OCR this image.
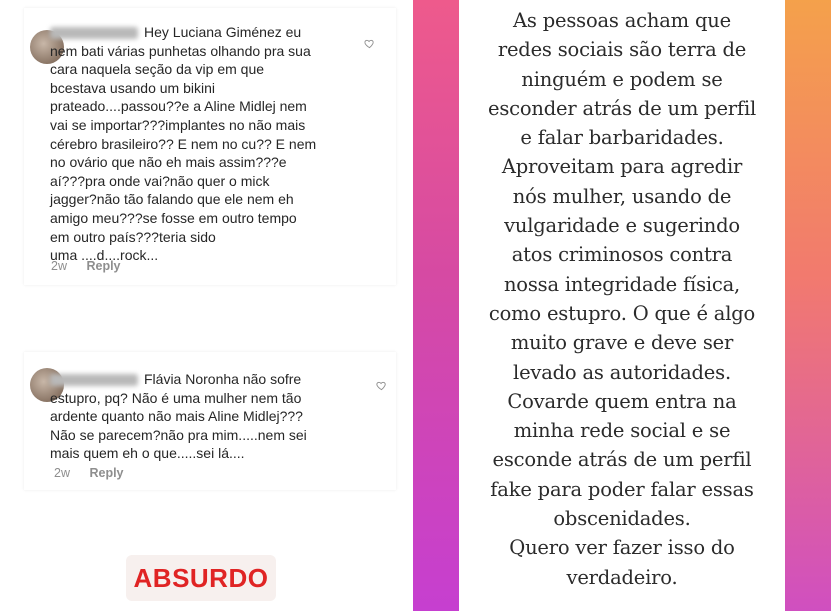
Hey Luciana Giménez eu
nem bati várias punhetas olhando pra sua
cara naquela seção da vip em que
bcestava usando um bikini
prateado....passou??e a Aline Midlej nem
vai se importar???implantes no não mais
cérebro brasileiro?? E nem no cu?? E nem
no ovário que não eh mais assim???e
aí???pra onde vai?não quer o mick
jagger?não tão falando que ele nem eh
amigo meu???se fosse em outro tempo
em outro país???teria sido
uma ....d....rock...
2w Reply
Flávia Noronha não sofre
estupro, pq? Não é uma mulher nem tão
ardente quanto não mais Aline Midlej???
Não se parecem?não pra mim.....nem sei
mais quem eh o que.....sei lá....
2w Reply
ABSURDO
As pessoas acham que
redes sociais são terra de
ninguém e podem se
esconder atrás de um perfil
e falar barbaridades.
Aproveitam para agredir
nós mulher, usando de
vulgaridade e sugerindo
atos criminosos contra
nossa integridade física,
como estupro. O que é algo
muito grave e deve ser
levado as autoridades.
Covarde quem entra na
minha rede social e se
esconde atrás de um perfil
fake para poder falar essas
obscenidades.
Quero ver fazer isso do
verdadeiro.
